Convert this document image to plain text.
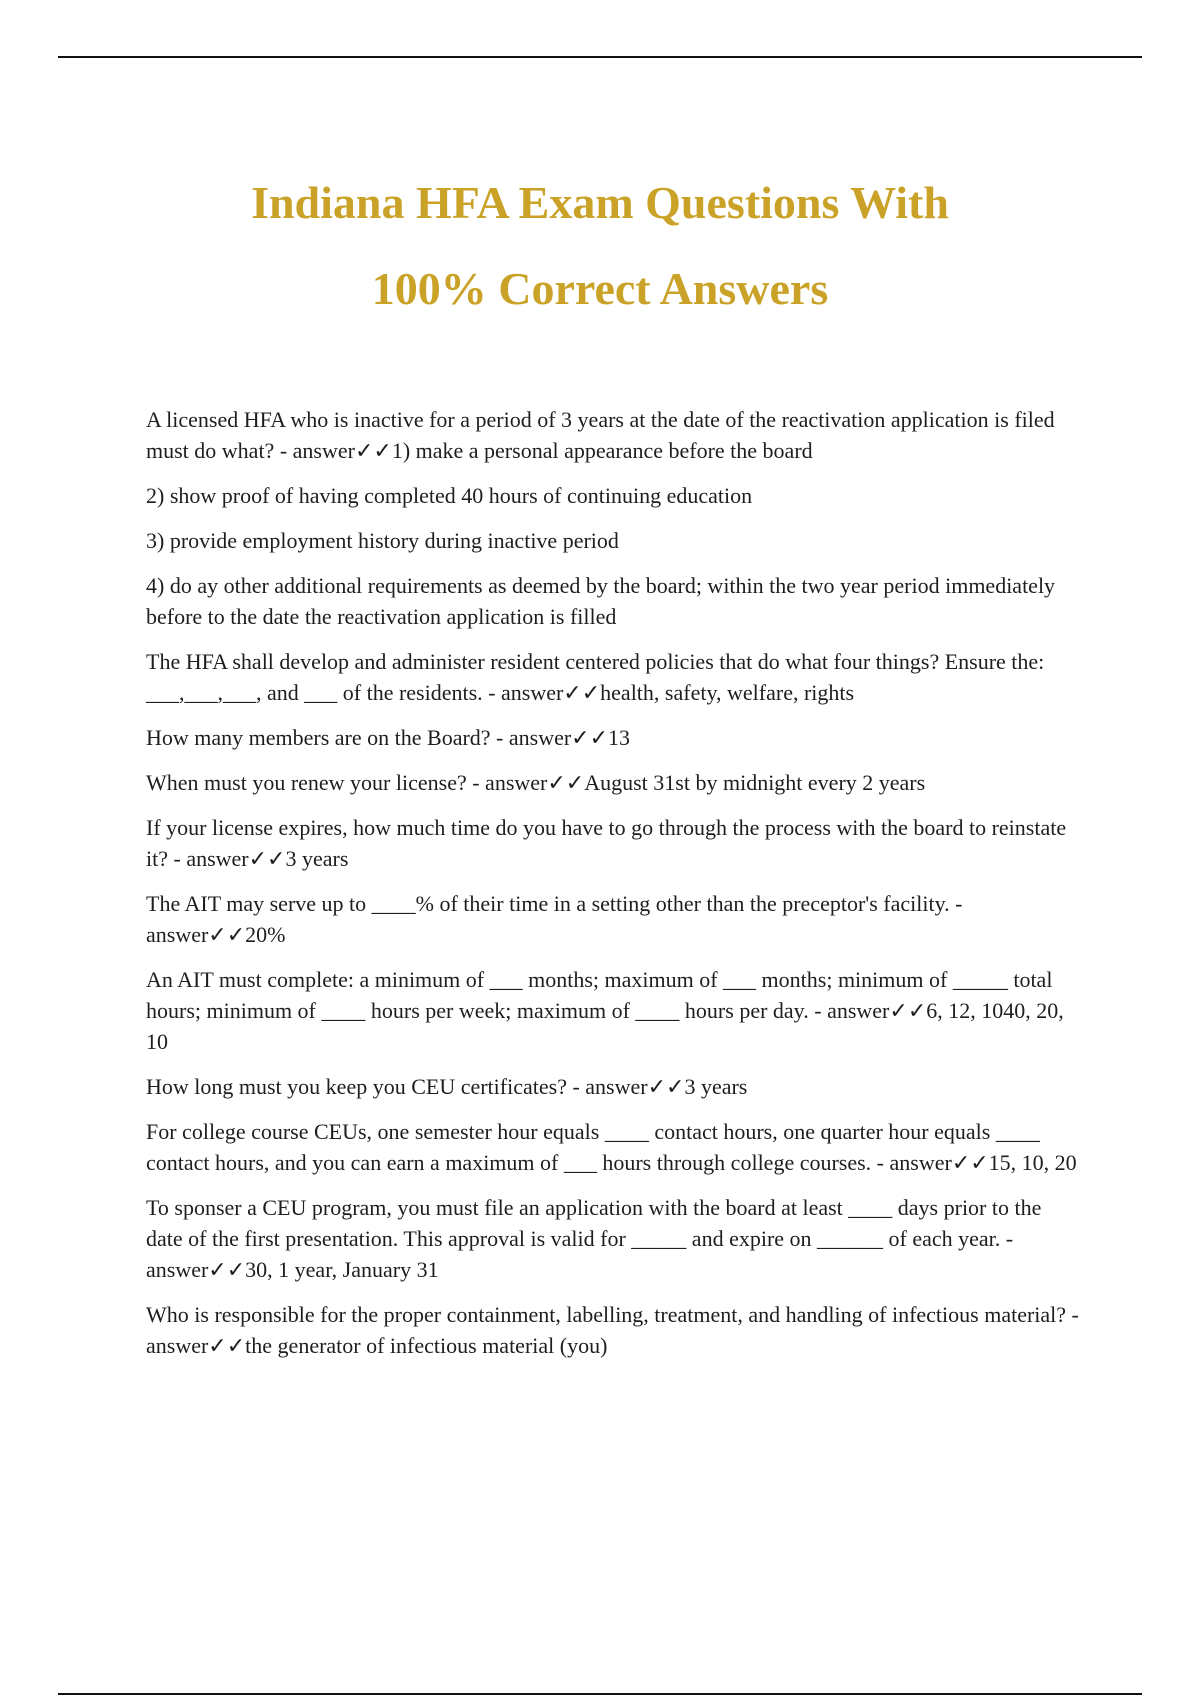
Indiana HFA Exam Questions With
100% Correct Answers

A licensed HFA who is inactive for a period of 3 years at the date of the reactivation application is filed must do what? - answer✓✓1) make a personal appearance before the board

2) show proof of having completed 40 hours of continuing education

3) provide employment history during inactive period

4) do ay other additional requirements as deemed by the board; within the two year period immediately before to the date the reactivation application is filled

The HFA shall develop and administer resident centered policies that do what four things? Ensure the: ___,___,___, and ___ of the residents. - answer✓✓health, safety, welfare, rights

How many members are on the Board? - answer✓✓13

When must you renew your license? - answer✓✓August 31st by midnight every 2 years

If your license expires, how much time do you have to go through the process with the board to reinstate it? - answer✓✓3 years

The AIT may serve up to ____% of their time in a setting other than the preceptor's facility. - answer✓✓20%

An AIT must complete: a minimum of ___ months; maximum of ___ months; minimum of _____ total hours; minimum of ____ hours per week; maximum of ____ hours per day. - answer✓✓6, 12, 1040, 20, 10

How long must you keep you CEU certificates? - answer✓✓3 years

For college course CEUs, one semester hour equals ____ contact hours, one quarter hour equals ____ contact hours, and you can earn a maximum of ___ hours through college courses. - answer✓✓15, 10, 20

To sponser a CEU program, you must file an application with the board at least ____ days prior to the date of the first presentation. This approval is valid for _____ and expire on ______ of each year. - answer✓✓30, 1 year, January 31

Who is responsible for the proper containment, labelling, treatment, and handling of infectious material? - answer✓✓the generator of infectious material (you)
